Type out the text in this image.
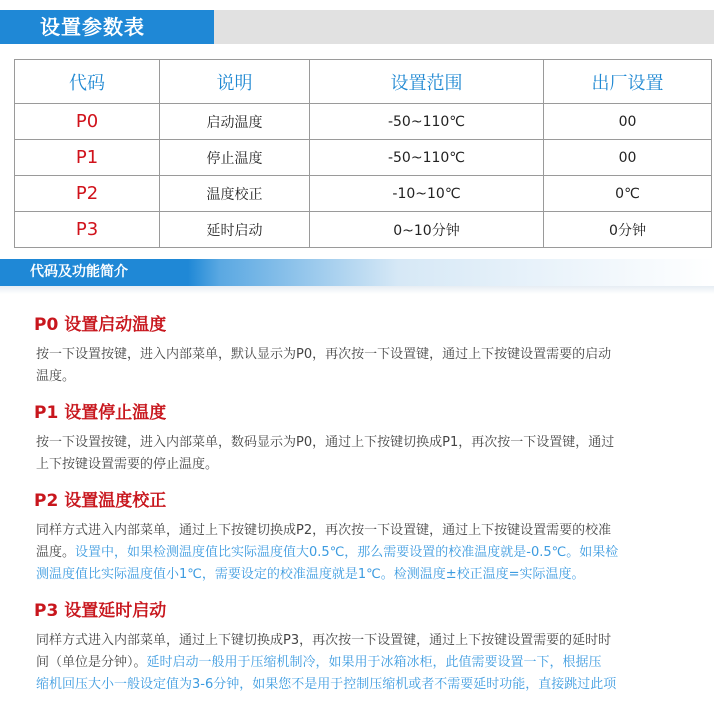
设置参数表
代码	说明	设置范围	出厂设置
P0	启动温度	-50~110℃	00
P1	停止温度	-50~110℃	00
P2	温度校正	-10~10℃	0℃
P3	延时启动	0~10分钟	0分钟
代码及功能简介
P0 设置启动温度

按一下设置按键，进入内部菜单，默认显示为P0，再次按一下设置键，通过上下按键设置需要的启动
温度。

P1 设置停止温度

按一下设置按键，进入内部菜单，数码显示为P0，通过上下按键切换成P1，再次按一下设置键，通过
上下按键设置需要的停止温度。

P2 设置温度校正

同样方式进入内部菜单，通过上下按键切换成P2，再次按一下设置键，通过上下按键设置需要的校准
温度。设置中，如果检测温度值比实际温度值大0.5℃，那么需要设置的校准温度就是-0.5℃。如果检
测温度值比实际温度值小1℃，需要设定的校准温度就是1℃。检测温度±校正温度=实际温度。

P3 设置延时启动

同样方式进入内部菜单，通过上下键切换成P3，再次按一下设置键，通过上下按键设置需要的延时时
间（单位是分钟）。延时启动一般用于压缩机制冷，如果用于冰箱冰柜，此值需要设置一下，根据压
缩机回压大小一般设定值为3-6分钟，如果您不是用于控制压缩机或者不需要延时功能，直接跳过此项
